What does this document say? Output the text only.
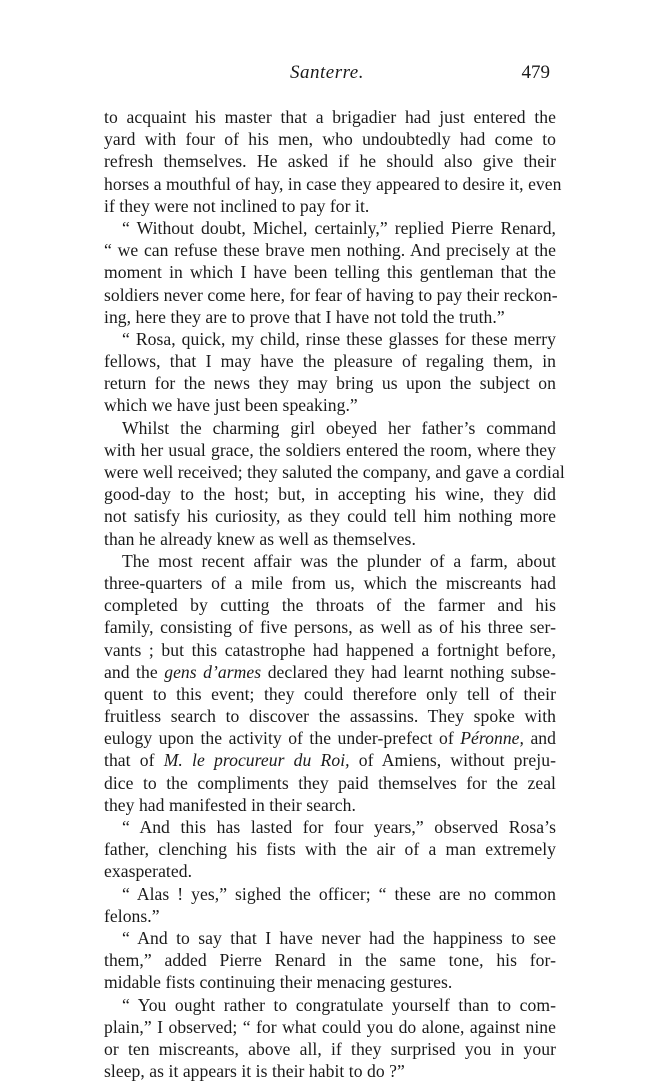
Santerre.	479
to acquaint his master that a brigadier had just entered the
yard with four of his men, who undoubtedly had come to
refresh themselves. He asked if he should also give their
horses a mouthful of hay, in case they appeared to desire it, even
if they were not inclined to pay for it.
“ Without doubt, Michel, certainly,” replied Pierre Renard,
“ we can refuse these brave men nothing. And precisely at the
moment in which I have been telling this gentleman that the
soldiers never come here, for fear of having to pay their reckon-
ing, here they are to prove that I have not told the truth.”
“ Rosa, quick, my child, rinse these glasses for these merry
fellows, that I may have the pleasure of regaling them, in
return for the news they may bring us upon the subject on
which we have just been speaking.”
Whilst the charming girl obeyed her father’s command
with her usual grace, the soldiers entered the room, where they
were well received; they saluted the company, and gave a cordial
good-day to the host; but, in accepting his wine, they did
not satisfy his curiosity, as they could tell him nothing more
than he already knew as well as themselves.
The most recent affair was the plunder of a farm, about
three-quarters of a mile from us, which the miscreants had
completed by cutting the throats of the farmer and his
family, consisting of five persons, as well as of his three ser-
vants ; but this catastrophe had happened a fortnight before,
and the gens d’armes declared they had learnt nothing subse-
quent to this event; they could therefore only tell of their
fruitless search to discover the assassins. They spoke with
eulogy upon the activity of the under-prefect of Péronne, and
that of M. le procureur du Roi, of Amiens, without preju-
dice to the compliments they paid themselves for the zeal
they had manifested in their search.
“ And this has lasted for four years,” observed Rosa’s
father, clenching his fists with the air of a man extremely
exasperated.
“ Alas ! yes,” sighed the officer; “ these are no common
felons.”
“ And to say that I have never had the happiness to see
them,” added Pierre Renard in the same tone, his for-
midable fists continuing their menacing gestures.
“ You ought rather to congratulate yourself than to com-
plain,” I observed; “ for what could you do alone, against nine
or ten miscreants, above all, if they surprised you in your
sleep, as it appears it is their habit to do ?”
